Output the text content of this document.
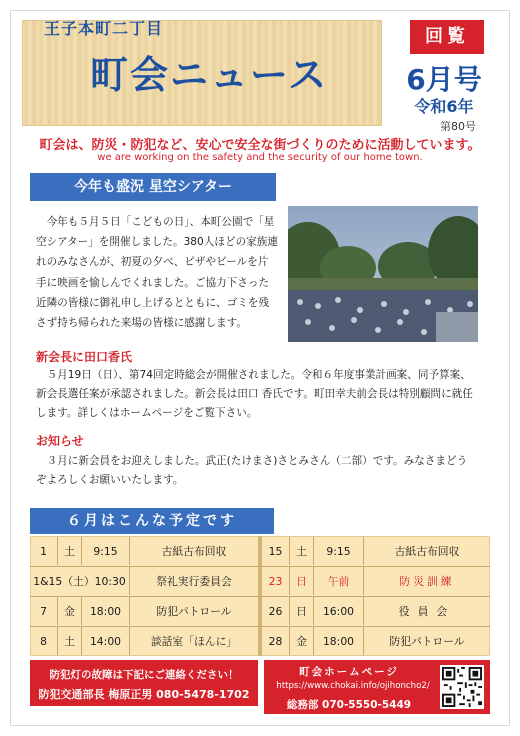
王子本町二丁目
町会ニュース
回覧
6月号
令和6年
第80号
町会は、防災・防犯など、安心で安全な街づくりのために活動しています。
we are working on the safety and the security of our home town.
今年も盛況 星空シアター
今年も５月５日「こどもの日」、本町公園で「星空シアター」を開催しました。380人ほどの家族連れのみなさんが、初夏の夕べ、ピザやビールを片手に映画を愉しんでくれました。ご協力下さった近隣の皆様に御礼申し上げるとともに、ゴミを残さず持ち帰られた来場の皆様に感謝します。
新会長に田口香氏
５月19日（日）、第74回定時総会が開催されました。令和６年度事業計画案、同予算案、新会長選任案が承認されました。新会長は田口 香氏です。町田幸夫前会長は特別顧問に就任します。詳しくはホームページをご覧下さい。
お知らせ
３月に新会員をお迎えしました。武正(たけまさ)さとみさん（二部）です。みなさまどうぞよろしくお願いいたします。
６月はこんな予定です
1	土	9:15	古紙古布回収
1&15（土） 10:30	祭礼実行委員会
7	金	18:00	防犯パトロール
8	土	14:00	談話室「ほんに」
15	土	9:15	古紙古布回収
23	日	午前	防災訓練
26	日	16:00	役員会
28	金	18:00	防犯パトロール
防犯灯の故障は下記にご連絡ください！
防犯交通部長 梅原正男 080-5478-1702
町会ホームページ
https://www.chokai.info/ojihoncho2/
総務部 070-5550-5449
